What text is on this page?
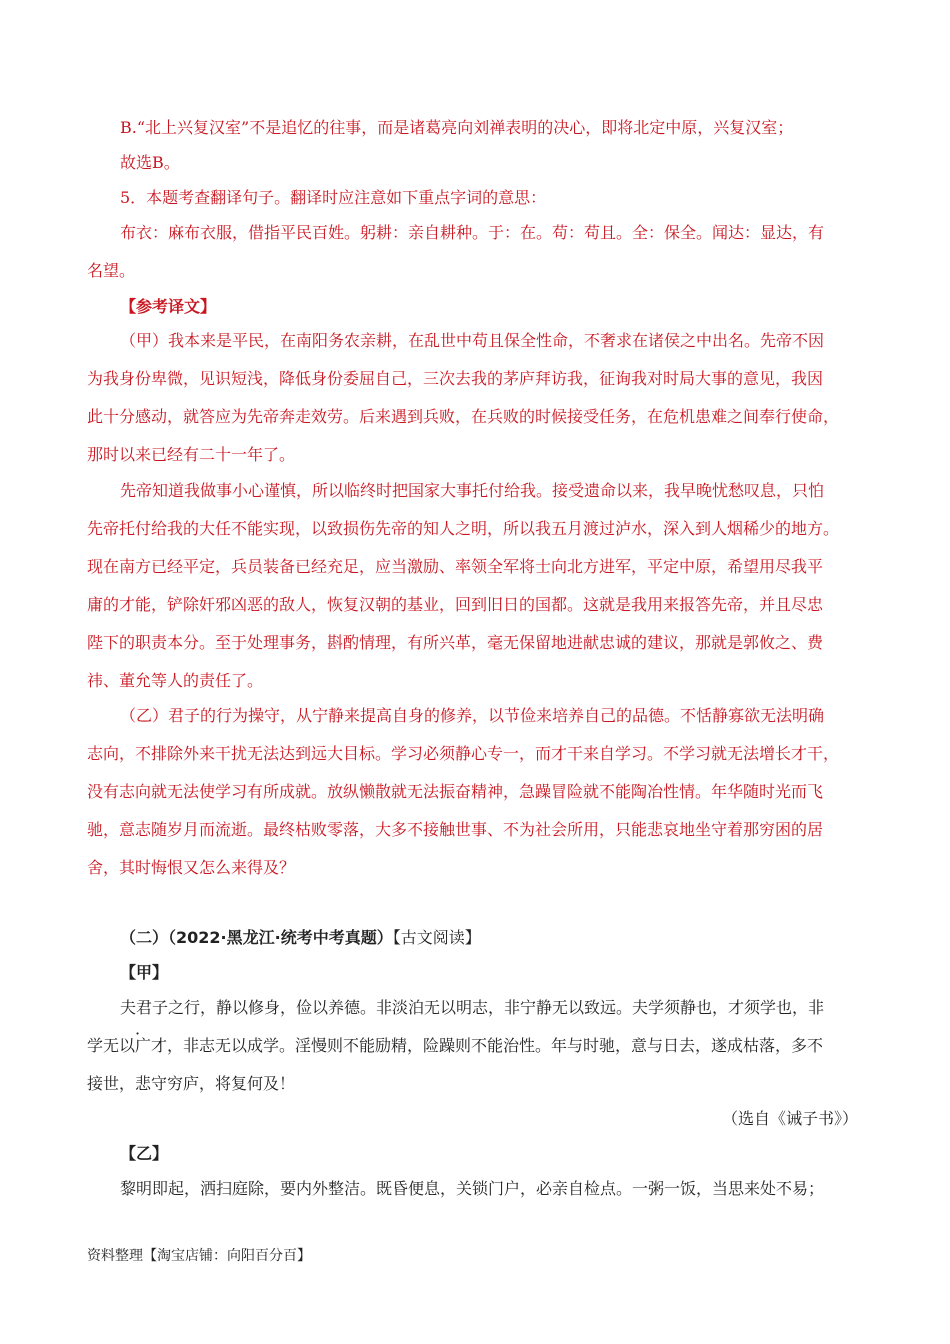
B.“北上兴复汉室”不是追忆的往事，而是诸葛亮向刘禅表明的决心，即将北定中原，兴复汉室；
故选B。
5．本题考查翻译句子。翻译时应注意如下重点字词的意思：
布衣：麻布衣服，借指平民百姓。躬耕：亲自耕种。于：在。苟：苟且。全：保全。闻达：显达，有
名望。
【参考译文】
（甲）我本来是平民，在南阳务农亲耕，在乱世中苟且保全性命，不奢求在诸侯之中出名。先帝不因
为我身份卑微，见识短浅，降低身份委屈自己，三次去我的茅庐拜访我，征询我对时局大事的意见，我因
此十分感动，就答应为先帝奔走效劳。后来遇到兵败，在兵败的时候接受任务，在危机患难之间奉行使命，
那时以来已经有二十一年了。
先帝知道我做事小心谨慎，所以临终时把国家大事托付给我。接受遗命以来，我早晚忧愁叹息，只怕
先帝托付给我的大任不能实现，以致损伤先帝的知人之明，所以我五月渡过泸水，深入到人烟稀少的地方。
现在南方已经平定，兵员装备已经充足，应当激励、率领全军将士向北方进军，平定中原，希望用尽我平
庸的才能，铲除奸邪凶恶的敌人，恢复汉朝的基业，回到旧日的国都。这就是我用来报答先帝，并且尽忠
陛下的职责本分。至于处理事务，斟酌情理，有所兴革，毫无保留地进献忠诚的建议，那就是郭攸之、费
祎、董允等人的责任了。
（乙）君子的行为操守，从宁静来提高自身的修养，以节俭来培养自己的品德。不恬静寡欲无法明确
志向，不排除外来干扰无法达到远大目标。学习必须静心专一，而才干来自学习。不学习就无法增长才干，
没有志向就无法使学习有所成就。放纵懒散就无法振奋精神，急躁冒险就不能陶冶性情。年华随时光而飞
驰，意志随岁月而流逝。最终枯败零落，大多不接触世事、不为社会所用，只能悲哀地坐守着那穷困的居
舍，其时悔恨又怎么来得及？
（二）（2022·黑龙江·统考中考真题）【古文阅读】
【甲】
夫君子之行，静以修身，俭以养德。非淡泊无以明志，非宁静无以致远。夫学须静也，才须学也，非
学无以广才，非志无以成学。淫慢则不能励精，险躁则不能治性。年与时驰，意与日去，遂成枯落，多不
接世，悲守穷庐，将复何及！
（选自《诫子书》）
【乙】
黎明即起，洒扫庭除，要内外整洁。既昏便息，关锁门户，必亲自检点。一粥一饭，当思来处不易；
资料整理【淘宝店铺：向阳百分百】
